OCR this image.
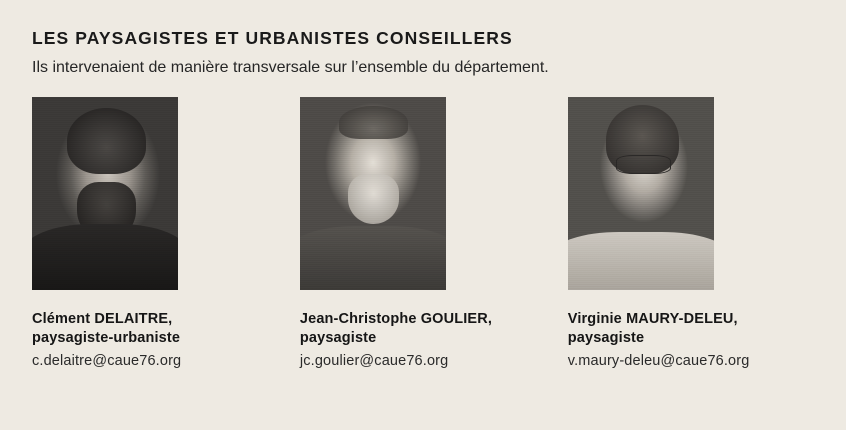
LES PAYSAGISTES ET URBANISTES CONSEILLERS

Ils intervenaient de manière transversale sur l’ensemble du département.

Clément DELAITRE,

paysagiste-urbaniste

c.delaitre@caue76.org

Jean-Christophe GOULIER,

paysagiste

jc.goulier@caue76.org

Virginie MAURY-DELEU,

paysagiste

v.maury-deleu@caue76.org
